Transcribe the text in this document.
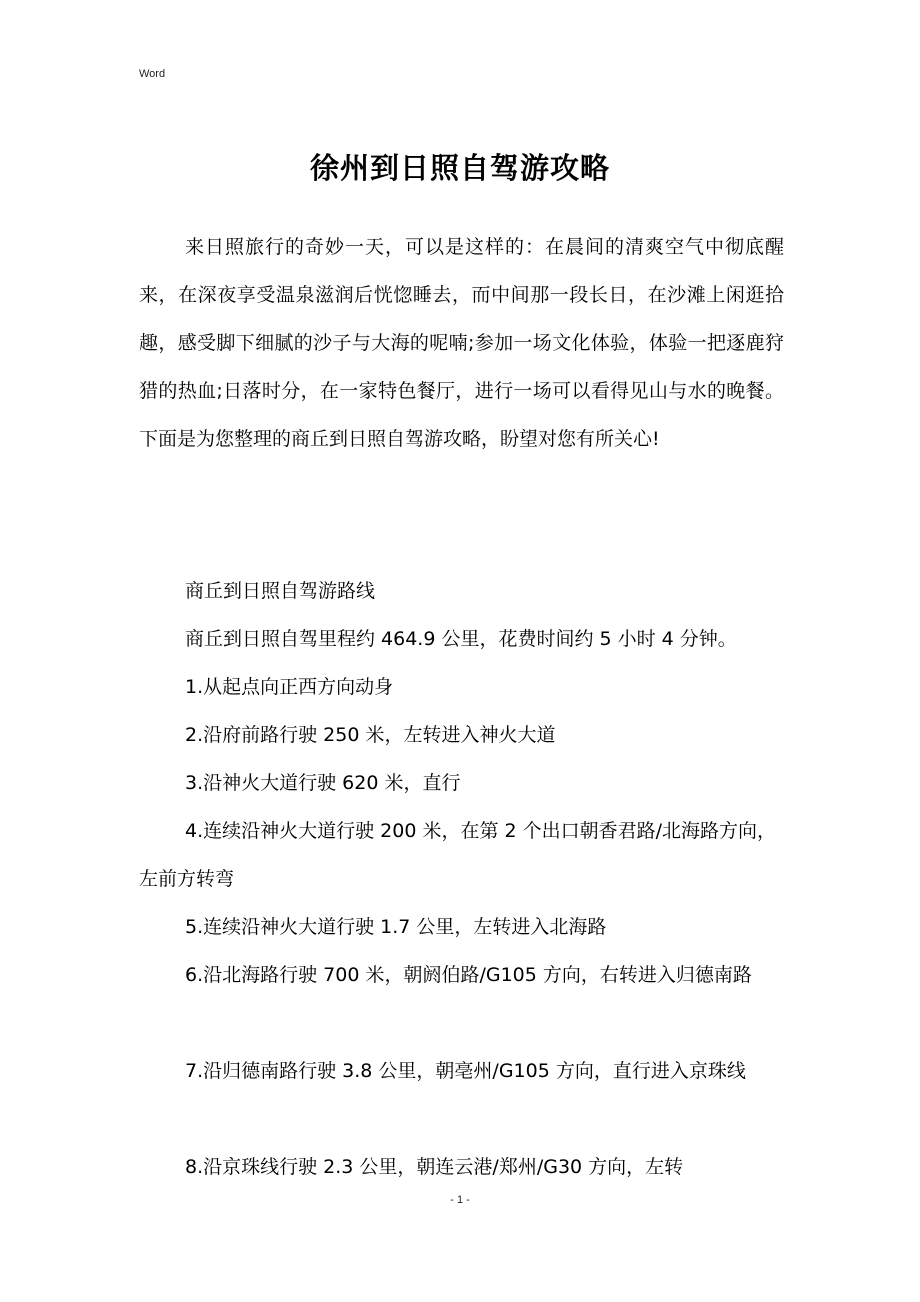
Word
徐州到日照自驾游攻略

来日照旅行的奇妙一天，可以是这样的：在晨间的清爽空气中彻底醒来，在深夜享受温泉滋润后恍惚睡去，而中间那一段长日，在沙滩上闲逛拾趣，感受脚下细腻的沙子与大海的呢喃;参加一场文化体验，体验一把逐鹿狩猎的热血;日落时分，在一家特色餐厅，进行一场可以看得见山与水的晚餐。下面是为您整理的商丘到日照自驾游攻略，盼望对您有所关心!

商丘到日照自驾游路线

商丘到日照自驾里程约 464.9 公里，花费时间约 5 小时 4 分钟。

1.从起点向正西方向动身

2.沿府前路行驶 250 米，左转进入神火大道

3.沿神火大道行驶 620 米，直行

4.连续沿神火大道行驶 200 米，在第 2 个出口朝香君路/北海路方向，左前方转弯

5.连续沿神火大道行驶 1.7 公里，左转进入北海路

6.沿北海路行驶 700 米，朝阏伯路/G105 方向，右转进入归德南路

7.沿归德南路行驶 3.8 公里，朝亳州/G105 方向，直行进入京珠线

8.沿京珠线行驶 2.3 公里，朝连云港/郑州/G30 方向，左转

- 1 -
